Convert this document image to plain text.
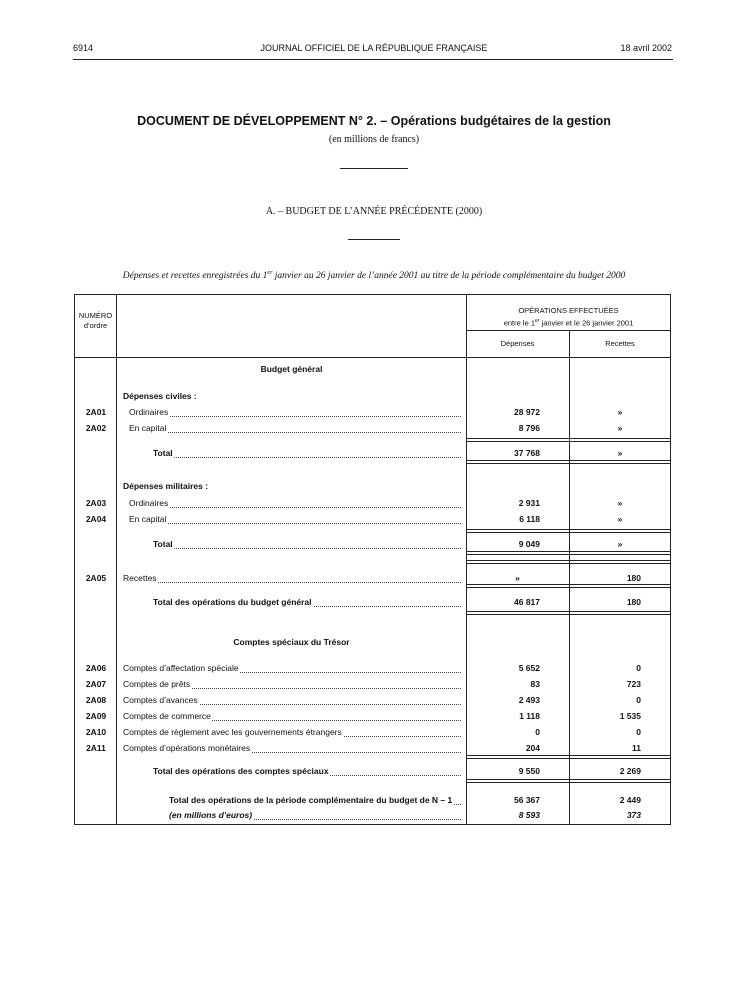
6914	JOURNAL OFFICIEL DE LA RÉPUBLIQUE FRANÇAISE	18 avril 2002
DOCUMENT DE DÉVELOPPEMENT N° 2. – Opérations budgétaires de la gestion
(en millions de francs)
A. – BUDGET DE L’ANNÉE PRÉCÉDENTE (2000)
Dépenses et recettes enregistrées du 1er janvier au 26 janvier de l’année 2001 au titre de la période complémentaire du budget 2000
NUMÉRO
d’ordre
OPÉRATIONS EFFECTUÉES
entre le 1er janvier et le 26 janvier 2001
Dépenses	Recettes
Budget général
Comptes spéciaux du Trésor
Dépenses civiles :
2A01	Ordinaires	28 972	»
2A02	En capital	8 796	»
Total	37 768	»
Dépenses militaires :
2A03	Ordinaires	2 931	»
2A04	En capital	6 118	»
Total	9 049	»
2A05	Recettes	»	180
Total des opérations du budget général	46 817	180
2A06	Comptes d’affectation spéciale	5 652	0
2A07	Comptes de prêts	83	723
2A08	Comptes d’avances	2 493	0
2A09	Comptes de commerce	1 118	1 535
2A10	Comptes de règlement avec les gouvernements étrangers	0	0
2A11	Comptes d’opérations monétaires	204	11
Total des opérations des comptes spéciaux	9 550	2 269
Total des opérations de la période complémentaire du budget de N – 1	56 367	2 449
(en millions d’euros)	8 593	373
